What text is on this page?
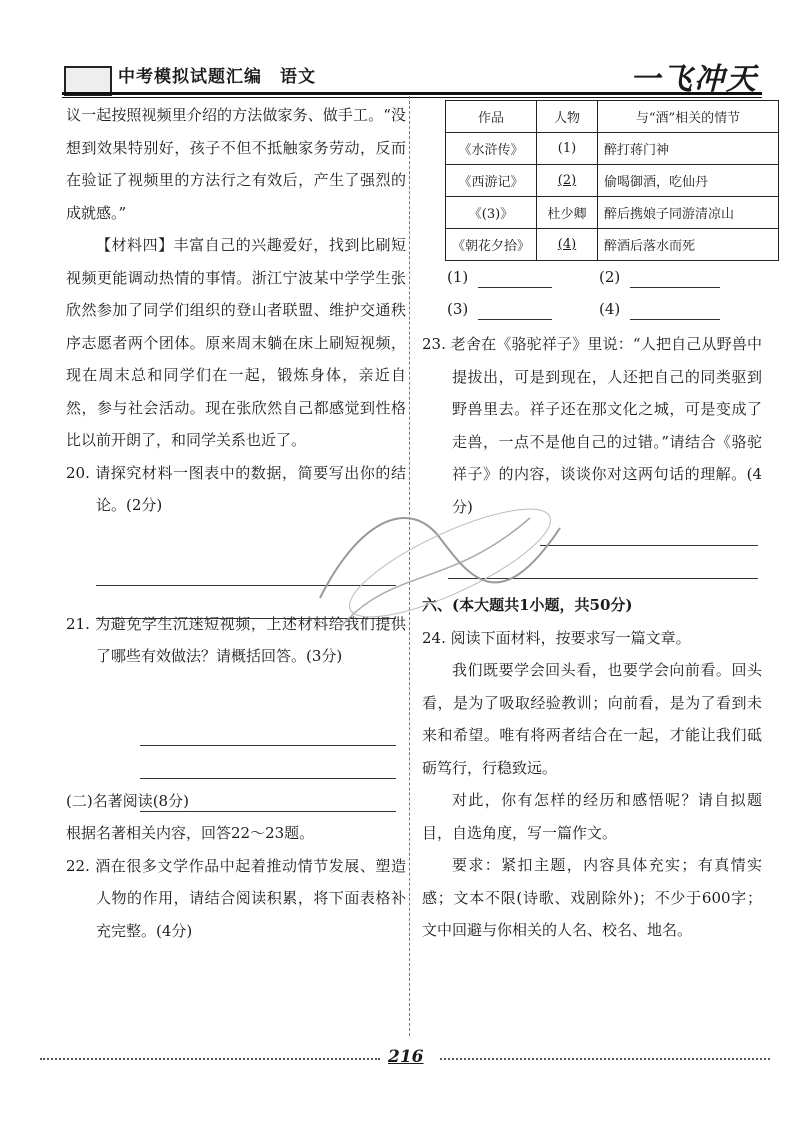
中考模拟试题汇编 语文	一飞冲天

议一起按照视频里介绍的方法做家务、做手工。“没想到效果特别好，孩子不但不抵触家务劳动，反而在验证了视频里的方法行之有效后，产生了强烈的成就感。”

【材料四】丰富自己的兴趣爱好，找到比刷短视频更能调动热情的事情。浙江宁波某中学学生张欣然参加了同学们组织的登山者联盟、维护交通秩序志愿者两个团体。原来周末躺在床上刷短视频，现在周末总和同学们在一起，锻炼身体，亲近自然，参与社会活动。现在张欣然自己都感觉到性格比以前开朗了，和同学关系也近了。

20. 请探究材料一图表中的数据，简要写出你的结论。(2分)

21. 为避免学生沉迷短视频，上述材料给我们提供了哪些有效做法？请概括回答。(3分)

(二)名著阅读(8分)

根据名著相关内容，回答22～23题。

22. 酒在很多文学作品中起着推动情节发展、塑造人物的作用，请结合阅读积累，将下面表格补充完整。(4分)

作品	人物	与“酒”相关的情节
《水浒传》	(1)	醉打蒋门神
《西游记》	(2)	偷喝御酒，吃仙丹
《(3)》	杜少卿	醉后携娘子同游清凉山
《朝花夕拾》	(4)	醉酒后落水而死
(1)	(2)
(3)	(4)

23. 老舍在《骆驼祥子》里说：“人把自己从野兽中提拔出，可是到现在，人还把自己的同类驱到野兽里去。祥子还在那文化之城，可是变成了走兽，一点不是他自己的过错。”请结合《骆驼祥子》的内容，谈谈你对这两句话的理解。(4分)

六、(本大题共1小题，共50分)

24. 阅读下面材料，按要求写一篇文章。

我们既要学会回头看，也要学会向前看。回头看，是为了吸取经验教训；向前看，是为了看到未来和希望。唯有将两者结合在一起，才能让我们砥砺笃行，行稳致远。

对此，你有怎样的经历和感悟呢？请自拟题目，自选角度，写一篇作文。

要求：紧扣主题，内容具体充实；有真情实感；文本不限(诗歌、戏剧除外)；不少于600字；文中回避与你相关的人名、校名、地名。

216
